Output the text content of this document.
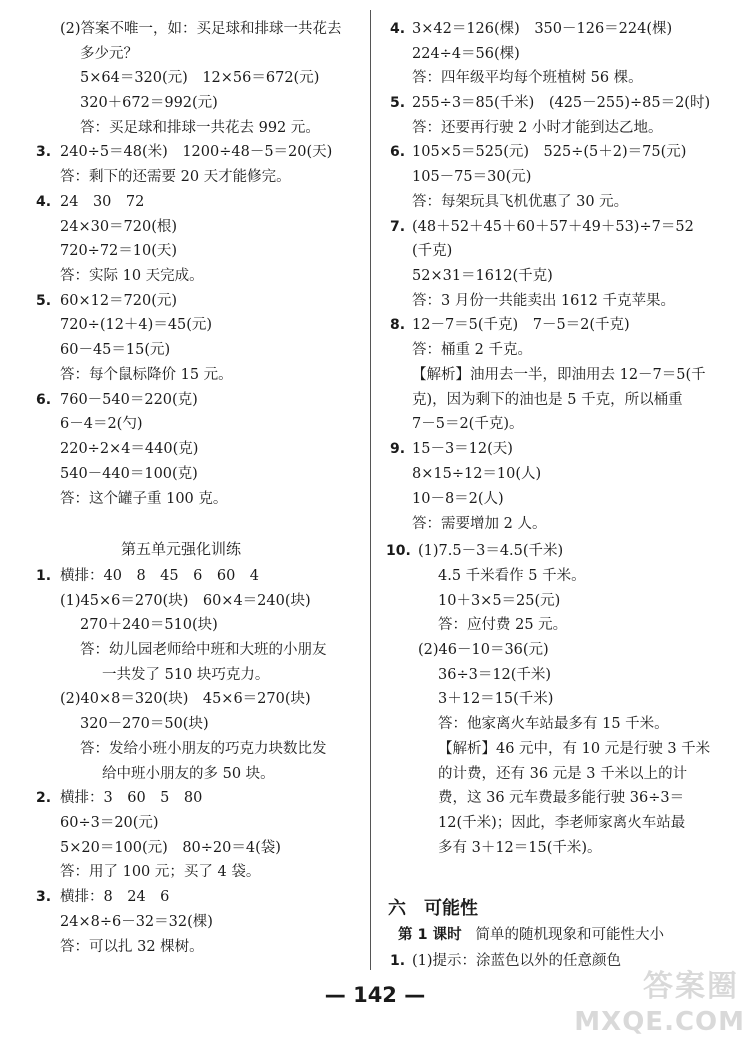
(2)答案不唯一，如：买足球和排球一共花去
多少元？
5×64＝320(元)　12×56＝672(元)
320＋672＝992(元)
答：买足球和排球一共花去 992 元。
3. 240÷5＝48(米)　1200÷48－5＝20(天)
答：剩下的还需要 20 天才能修完。
4. 24　30　72
24×30＝720(根)
720÷72＝10(天)
答：实际 10 天完成。
5. 60×12＝720(元)
720÷(12＋4)＝45(元)
60－45＝15(元)
答：每个鼠标降价 15 元。
6. 760－540＝220(克)
6－4＝2(勺)
220÷2×4＝440(克)
540－440＝100(克)
答：这个罐子重 100 克。
第五单元强化训练
1. 横排：40　8　45　6　60　4
(1)45×6＝270(块)　60×4＝240(块)
270＋240＝510(块)
答：幼儿园老师给中班和大班的小朋友
一共发了 510 块巧克力。
(2)40×8＝320(块)　45×6＝270(块)
320－270＝50(块)
答：发给小班小朋友的巧克力块数比发
给中班小朋友的多 50 块。
2. 横排：3　60　5　80
60÷3＝20(元)
5×20＝100(元)　80÷20＝4(袋)
答：用了 100 元；买了 4 袋。
3. 横排：8　24　6
24×8÷6－32＝32(棵)
答：可以扎 32 棵树。
4. 3×42＝126(棵)　350－126＝224(棵)
224÷4＝56(棵)
答：四年级平均每个班植树 56 棵。
5. 255÷3＝85(千米)　(425－255)÷85＝2(时)
答：还要再行驶 2 小时才能到达乙地。
6. 105×5＝525(元)　525÷(5＋2)＝75(元)
105－75＝30(元)
答：每架玩具飞机优惠了 30 元。
7. (48＋52＋45＋60＋57＋49＋53)÷7＝52
(千克)
52×31＝1612(千克)
答：3 月份一共能卖出 1612 千克苹果。
8. 12－7＝5(千克)　7－5＝2(千克)
答：桶重 2 千克。
【解析】油用去一半，即油用去 12－7＝5(千
克)，因为剩下的油也是 5 千克，所以桶重
7－5＝2(千克)。
9. 15－3＝12(天)
8×15÷12＝10(人)
10－8＝2(人)
答：需要增加 2 人。
10. (1)7.5－3＝4.5(千米)
4.5 千米看作 5 千米。
10＋3×5＝25(元)
答：应付费 25 元。
(2)46－10＝36(元)
36÷3＝12(千米)
3＋12＝15(千米)
答：他家离火车站最多有 15 千米。
【解析】46 元中，有 10 元是行驶 3 千米
的计费，还有 36 元是 3 千米以上的计
费，这 36 元车费最多能行驶 36÷3＝
12(千米)；因此，李老师家离火车站最
多有 3＋12＝15(千米)。
六　可能性
第 1 课时 简单的随机现象和可能性大小
1. (1)提示：涂蓝色以外的任意颜色
— 142 —	答案圈
MXQE.COM
